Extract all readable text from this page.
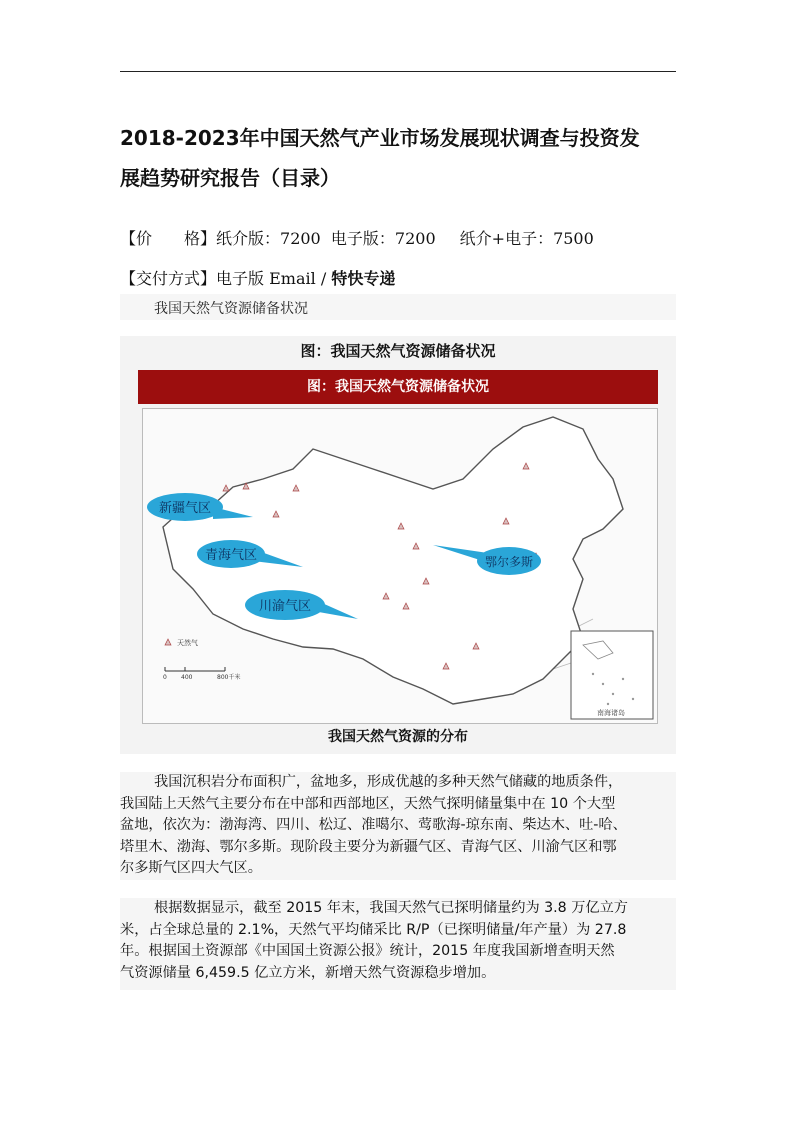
2018-2023年中国天然气产业市场发展现状调查与投资发
展趋势研究报告（目录）
【价　　格】纸介版：7200 电子版：7200 纸介+电子：7500
【交付方式】电子版 Email / 特快专递
我国天然气资源储备状况
图：我国天然气资源储备状况
图：我国天然气资源储备状况
南海诸岛
天然气
0 400	800千米
新疆气区
青海气区
川渝气区
鄂尔多斯
我国天然气资源的分布
我国沉积岩分布面积广，盆地多，形成优越的多种天然气储藏的地质条件，
我国陆上天然气主要分布在中部和西部地区，天然气探明储量集中在 10 个大型
盆地，依次为：渤海湾、四川、松辽、准噶尔、莺歌海-琼东南、柴达木、吐-哈、
塔里木、渤海、鄂尔多斯。现阶段主要分为新疆气区、青海气区、川渝气区和鄂
尔多斯气区四大气区。
根据数据显示，截至 2015 年末，我国天然气已探明储量约为 3.8 万亿立方
米，占全球总量的 2.1%，天然气平均储采比 R/P（已探明储量/年产量）为 27.8
年。根据国土资源部《中国国土资源公报》统计，2015 年度我国新增查明天然
气资源储量 6,459.5 亿立方米，新增天然气资源稳步增加。
